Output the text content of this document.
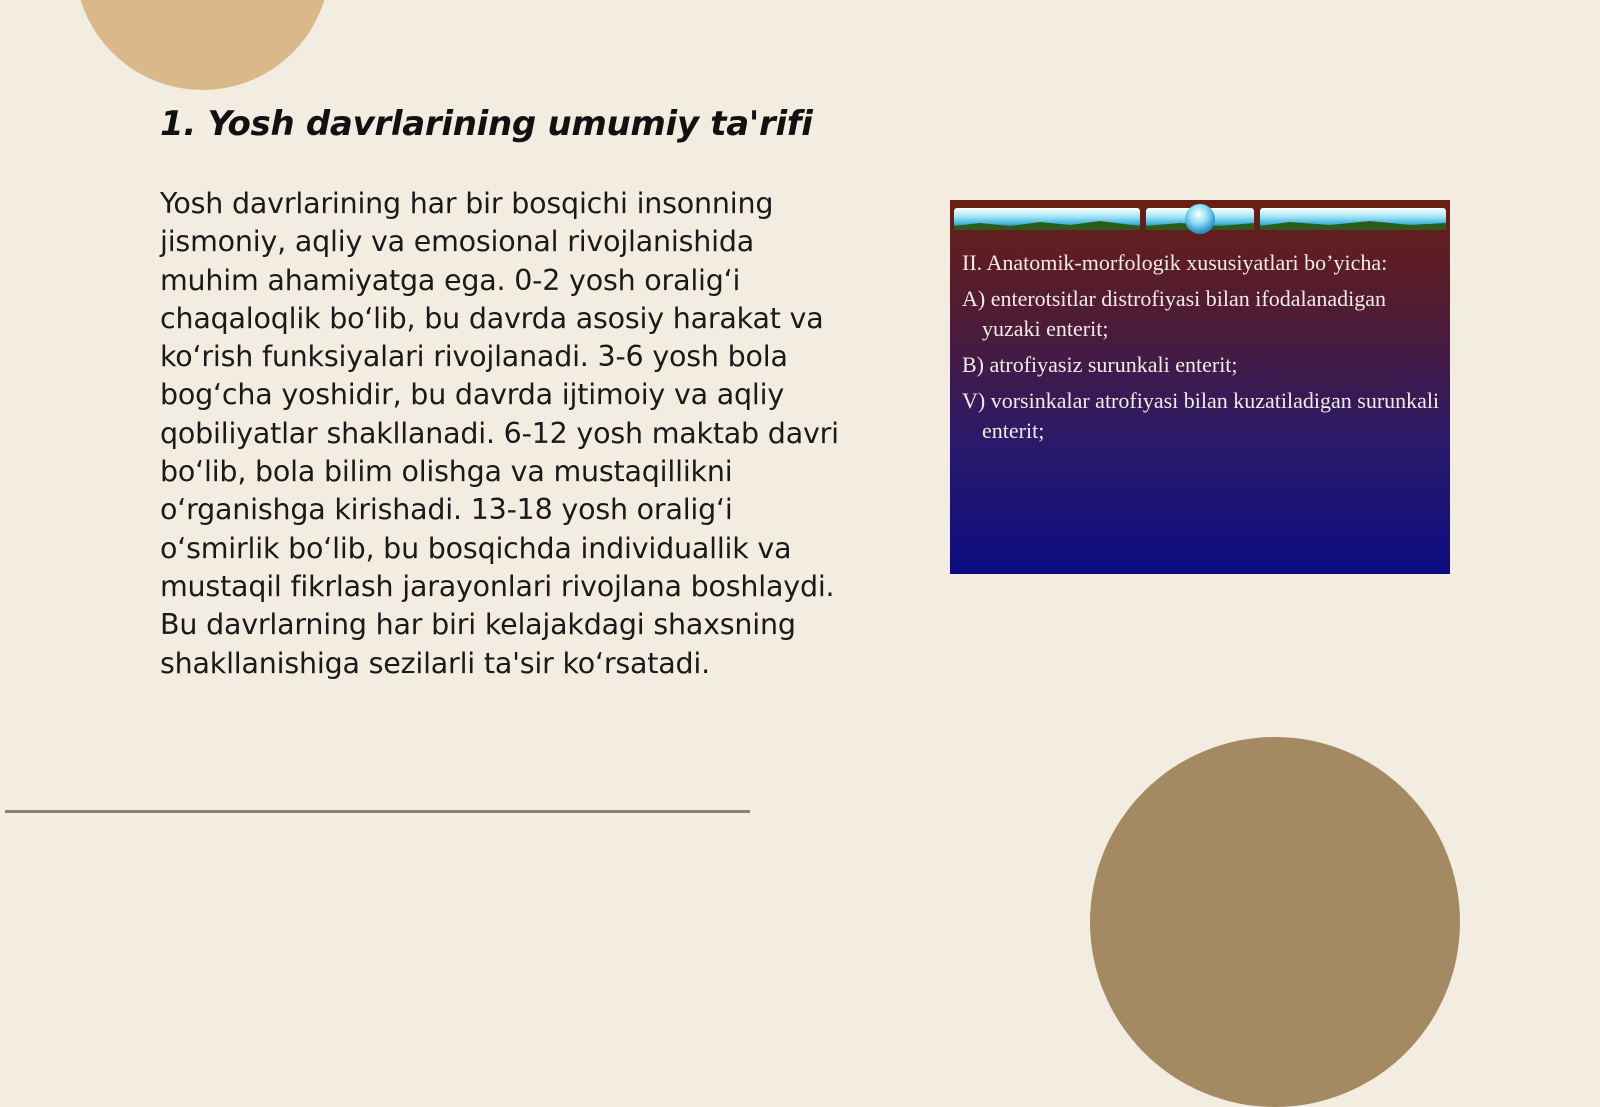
1. Yosh davrlarining umumiy ta'rifi

Yosh davrlarining har bir bosqichi insonning jismoniy, aqliy va emosional rivojlanishida muhim ahamiyatga ega. 0-2 yosh oralig‘i chaqaloqlik bo‘lib, bu davrda asosiy harakat va ko‘rish funksiyalari rivojlanadi. 3-6 yosh bola bog‘cha yoshidir, bu davrda ijtimoiy va aqliy qobiliyatlar shakllanadi. 6-12 yosh maktab davri bo‘lib, bola bilim olishga va mustaqillikni o‘rganishga kirishadi. 13-18 yosh oralig‘i o‘smirlik bo‘lib, bu bosqichda individuallik va mustaqil fikrlash jarayonlari rivojlana boshlaydi. Bu davrlarning har biri kelajakdagi shaxsning shakllanishiga sezilarli ta'sir ko‘rsatadi.

II. Anatomik-morfologik xususiyatlari bo’yicha:

A) enterotsitlar distrofiyasi bilan ifodalanadigan yuzaki enterit;

B) atrofiyasiz surunkali enterit;

V) vorsinkalar atrofiyasi bilan kuzatiladigan surunkali enterit;
